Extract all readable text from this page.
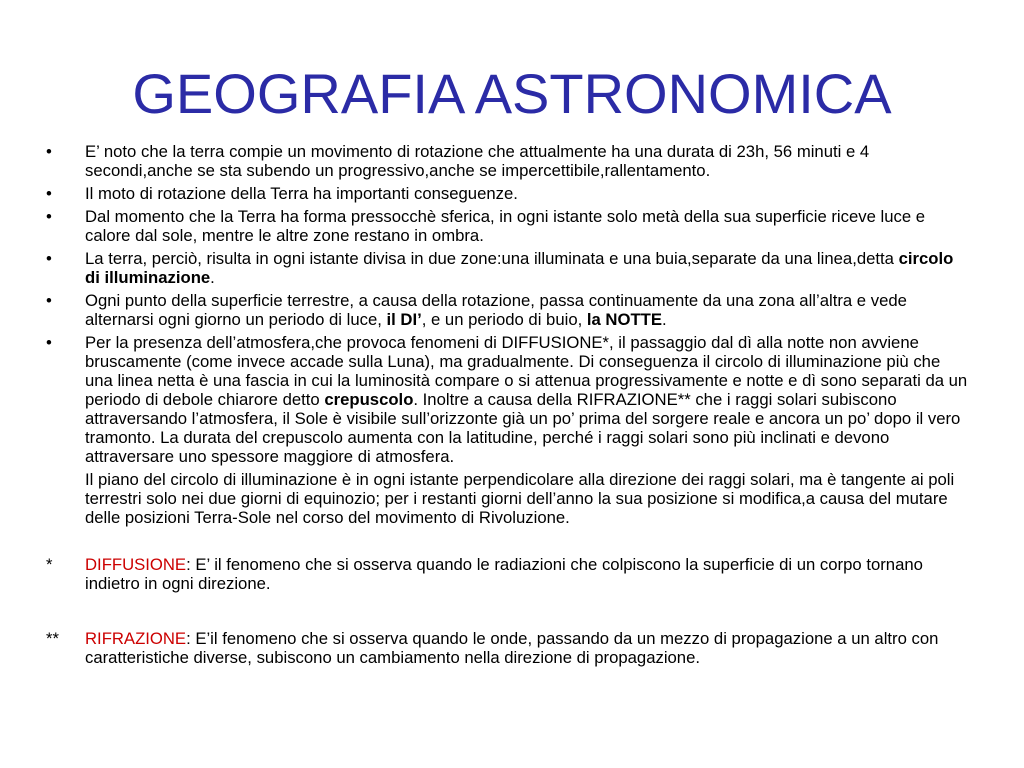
GEOGRAFIA ASTRONOMICA
• E’ noto che la terra compie un movimento di rotazione che attualmente ha una durata di 23h, 56 minuti e 4 secondi,anche se sta subendo un progressivo,anche se impercettibile,rallentamento.
• Il moto di rotazione della Terra ha importanti conseguenze.
• Dal momento che la Terra ha forma pressocchè sferica, in ogni istante solo metà della sua superficie riceve luce e calore dal sole, mentre le altre zone restano in ombra.
• La terra, perciò, risulta in ogni istante divisa in due zone:una illuminata e una buia,separate da una linea,detta circolo di illuminazione.
• Ogni punto della superficie terrestre, a causa della rotazione, passa continuamente da una zona all’altra e vede alternarsi ogni giorno un periodo di luce, il DI’, e un periodo di buio, la NOTTE.
• Per la presenza dell’atmosfera,che provoca fenomeni di DIFFUSIONE*, il passaggio dal dì alla notte non avviene bruscamente (come invece accade sulla Luna), ma gradualmente. Di conseguenza il circolo di illuminazione più che una linea netta è una fascia in cui la luminosità compare o si attenua progressivamente e notte e dì sono separati da un periodo di debole chiarore detto crepuscolo. Inoltre a causa della RIFRAZIONE** che i raggi solari subiscono attraversando l’atmosfera, il Sole è visibile sull’orizzonte già un po’ prima del sorgere reale e ancora un po’ dopo il vero tramonto. La durata del crepuscolo aumenta con la latitudine, perché i raggi solari sono più inclinati e devono attraversare uno spessore maggiore di atmosfera.

Il piano del circolo di illuminazione è in ogni istante perpendicolare alla direzione dei raggi solari, ma è tangente ai poli terrestri solo nei due giorni di equinozio; per i restanti giorni dell’anno la sua posizione si modifica,a causa del mutare delle posizioni Terra-Sole nel corso del movimento di Rivoluzione.

* DIFFUSIONE: E’ il fenomeno che si osserva quando le radiazioni che colpiscono la superficie di un corpo tornano indietro in ogni direzione.
** RIFRAZIONE: E’il fenomeno che si osserva quando le onde, passando da un mezzo di propagazione a un altro con caratteristiche diverse, subiscono un cambiamento nella direzione di propagazione.
